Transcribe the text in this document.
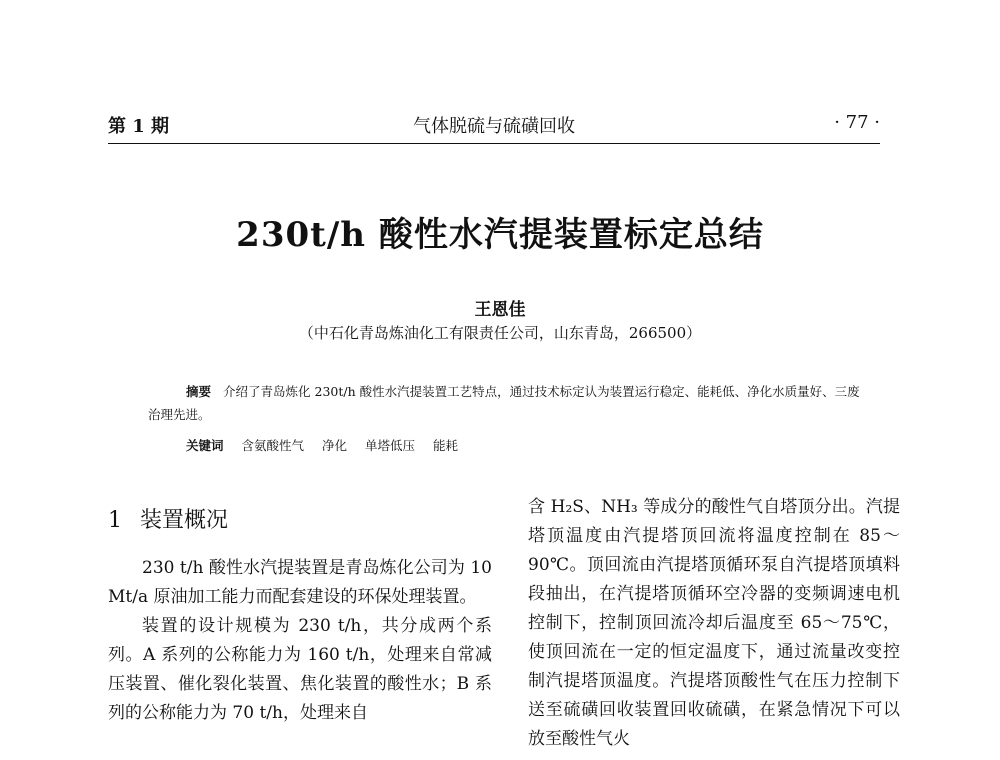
第 1 期	气体脱硫与硫磺回收	· 77 ·
230t/h 酸性水汽提装置标定总结
王恩佳
（中石化青岛炼油化工有限责任公司，山东青岛，266500）
摘要 介绍了青岛炼化 230t/h 酸性水汽提装置工艺特点，通过技术标定认为装置运行稳定、能耗低、净化水质量好、三废治理先进。
关键词 含氨酸性气 净化 单塔低压 能耗
1 装置概况

230 t/h 酸性水汽提装置是青岛炼化公司为 10 Mt/a 原油加工能力而配套建设的环保处理装置。

装置的设计规模为 230 t/h，共分成两个系列。A 系列的公称能力为 160 t/h，处理来自常减压装置、催化裂化装置、焦化装置的酸性水；B 系列的公称能力为 70 t/h，处理来自

含 H₂S、NH₃ 等成分的酸性气自塔顶分出。汽提塔顶温度由汽提塔顶回流将温度控制在 85～90℃。顶回流由汽提塔顶循环泵自汽提塔顶填料段抽出，在汽提塔顶循环空冷器的变频调速电机控制下，控制顶回流冷却后温度至 65～75℃，使顶回流在一定的恒定温度下，通过流量改变控制汽提塔顶温度。汽提塔顶酸性气在压力控制下送至硫磺回收装置回收硫磺，在紧急情况下可以放至酸性气火
